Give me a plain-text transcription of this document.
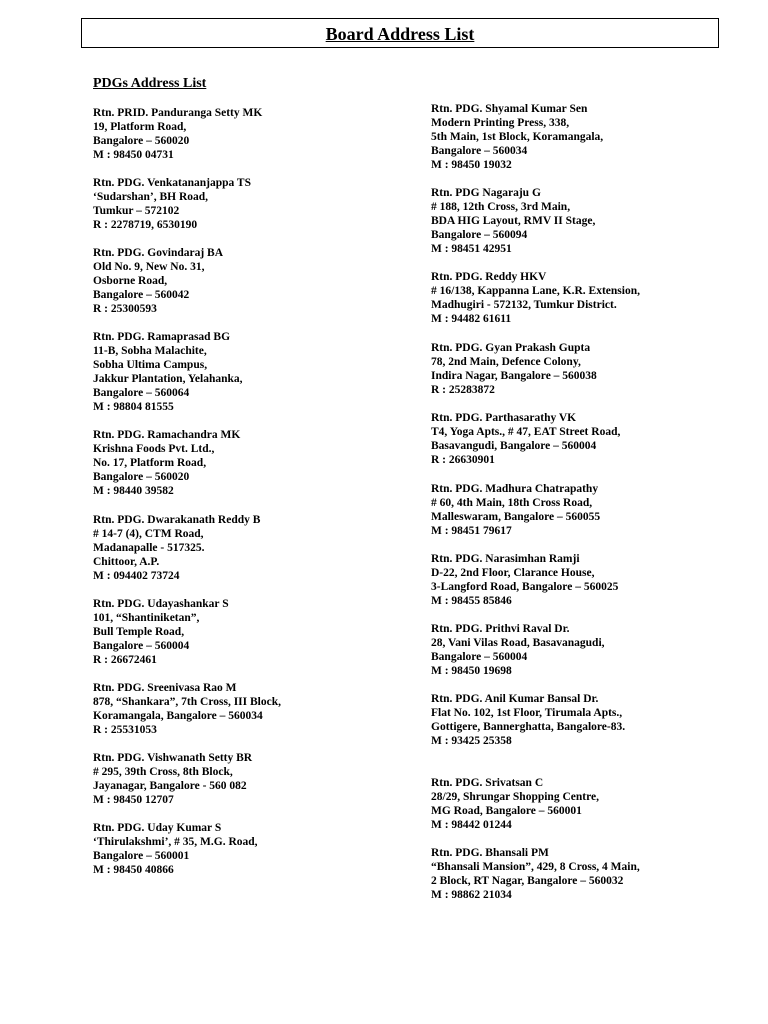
Board Address List
PDGs Address List
Rtn. PRID. Panduranga Setty MK
19, Platform Road,
Bangalore – 560020
M : 98450 04731
Rtn. PDG. Venkatananjappa TS
‘Sudarshan’, BH Road,
Tumkur – 572102
R : 2278719, 6530190
Rtn. PDG. Govindaraj BA
Old No. 9, New No. 31,
Osborne Road,
Bangalore – 560042
R : 25300593
Rtn. PDG. Ramaprasad BG
11-B, Sobha Malachite,
Sobha Ultima Campus,
Jakkur Plantation, Yelahanka,
Bangalore – 560064
M : 98804 81555
Rtn. PDG. Ramachandra MK
Krishna Foods Pvt. Ltd.,
No. 17, Platform Road,
Bangalore – 560020
M : 98440 39582
Rtn. PDG. Dwarakanath Reddy B
# 14-7 (4), CTM Road,
Madanapalle - 517325.
Chittoor, A.P.
M : 094402 73724
Rtn. PDG. Udayashankar S
101, “Shantiniketan”,
Bull Temple Road,
Bangalore – 560004
R : 26672461
Rtn. PDG. Sreenivasa Rao M
878, “Shankara”, 7th Cross, III Block,
Koramangala, Bangalore – 560034
R : 25531053
Rtn. PDG. Vishwanath Setty BR
# 295, 39th Cross, 8th Block,
Jayanagar, Bangalore - 560 082
M : 98450 12707
Rtn. PDG. Uday Kumar S
‘Thirulakshmi’, # 35, M.G. Road,
Bangalore – 560001
M : 98450 40866
Rtn. PDG. Shyamal Kumar Sen
Modern Printing Press, 338,
5th Main, 1st Block, Koramangala,
Bangalore – 560034
M : 98450 19032
Rtn. PDG Nagaraju G
# 188, 12th Cross, 3rd Main,
BDA HIG Layout, RMV II Stage,
Bangalore – 560094
M : 98451 42951
Rtn. PDG. Reddy HKV
# 16/138, Kappanna Lane, K.R. Extension,
Madhugiri - 572132, Tumkur District.
M : 94482 61611
Rtn. PDG. Gyan Prakash Gupta
78, 2nd Main, Defence Colony,
Indira Nagar, Bangalore – 560038
R : 25283872
Rtn. PDG. Parthasarathy VK
T4, Yoga Apts., # 47, EAT Street Road,
Basavangudi, Bangalore – 560004
R : 26630901
Rtn. PDG. Madhura Chatrapathy
# 60, 4th Main, 18th Cross Road,
Malleswaram, Bangalore – 560055
M : 98451 79617
Rtn. PDG. Narasimhan Ramji
D-22, 2nd Floor, Clarance House,
3-Langford Road, Bangalore – 560025
M : 98455 85846
Rtn. PDG. Prithvi Raval Dr.
28, Vani Vilas Road, Basavanagudi,
Bangalore – 560004
M : 98450 19698
Rtn. PDG. Anil Kumar Bansal Dr.
Flat No. 102, 1st Floor, Tirumala Apts.,
Gottigere, Bannerghatta, Bangalore-83.
M : 93425 25358
Rtn. PDG. Srivatsan C
28/29, Shrungar Shopping Centre,
MG Road, Bangalore – 560001
M : 98442 01244
Rtn. PDG. Bhansali PM
“Bhansali Mansion”, 429, 8 Cross, 4 Main,
2 Block, RT Nagar, Bangalore – 560032
M : 98862 21034
